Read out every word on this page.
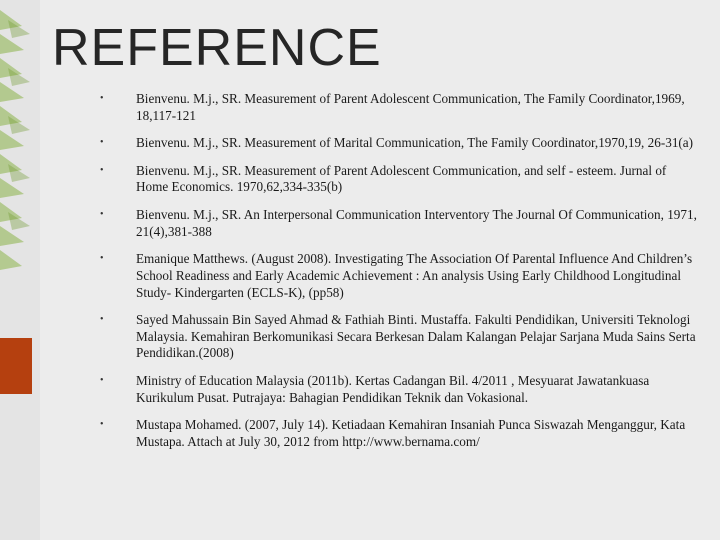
REFERENCE
• Bienvenu. M.j., SR. Measurement of Parent Adolescent Communication, The Family Coordinator,1969, 18,117-121
• Bienvenu. M.j., SR. Measurement of Marital Communication, The Family Coordinator,1970,19, 26-31(a)
• Bienvenu. M.j., SR. Measurement of Parent Adolescent Communication, and self - esteem. Jurnal of Home Economics. 1970,62,334-335(b)
• Bienvenu. M.j., SR. An Interpersonal Communication Interventory The Journal Of Communication, 1971, 21(4),381-388
• Emanique Matthews. (August 2008). Investigating The Association Of Parental Influence And Children’s School Readiness and Early Academic Achievement : An analysis Using Early Childhood Longitudinal Study- Kindergarten (ECLS-K), (pp58)
• Sayed Mahussain Bin Sayed Ahmad & Fathiah Binti. Mustaffa. Fakulti Pendidikan, Universiti Teknologi Malaysia. Kemahiran Berkomunikasi Secara Berkesan Dalam Kalangan Pelajar Sarjana Muda Sains Serta Pendidikan.(2008)
• Ministry of Education Malaysia (2011b). Kertas Cadangan Bil. 4/2011 , Mesyuarat Jawatankuasa Kurikulum Pusat. Putrajaya: Bahagian Pendidikan Teknik dan Vokasional.
• Mustapa Mohamed. (2007, July 14). Ketiadaan Kemahiran Insaniah Punca Siswazah Menganggur, Kata Mustapa. Attach at July 30, 2012 from http://www.bernama.com/
